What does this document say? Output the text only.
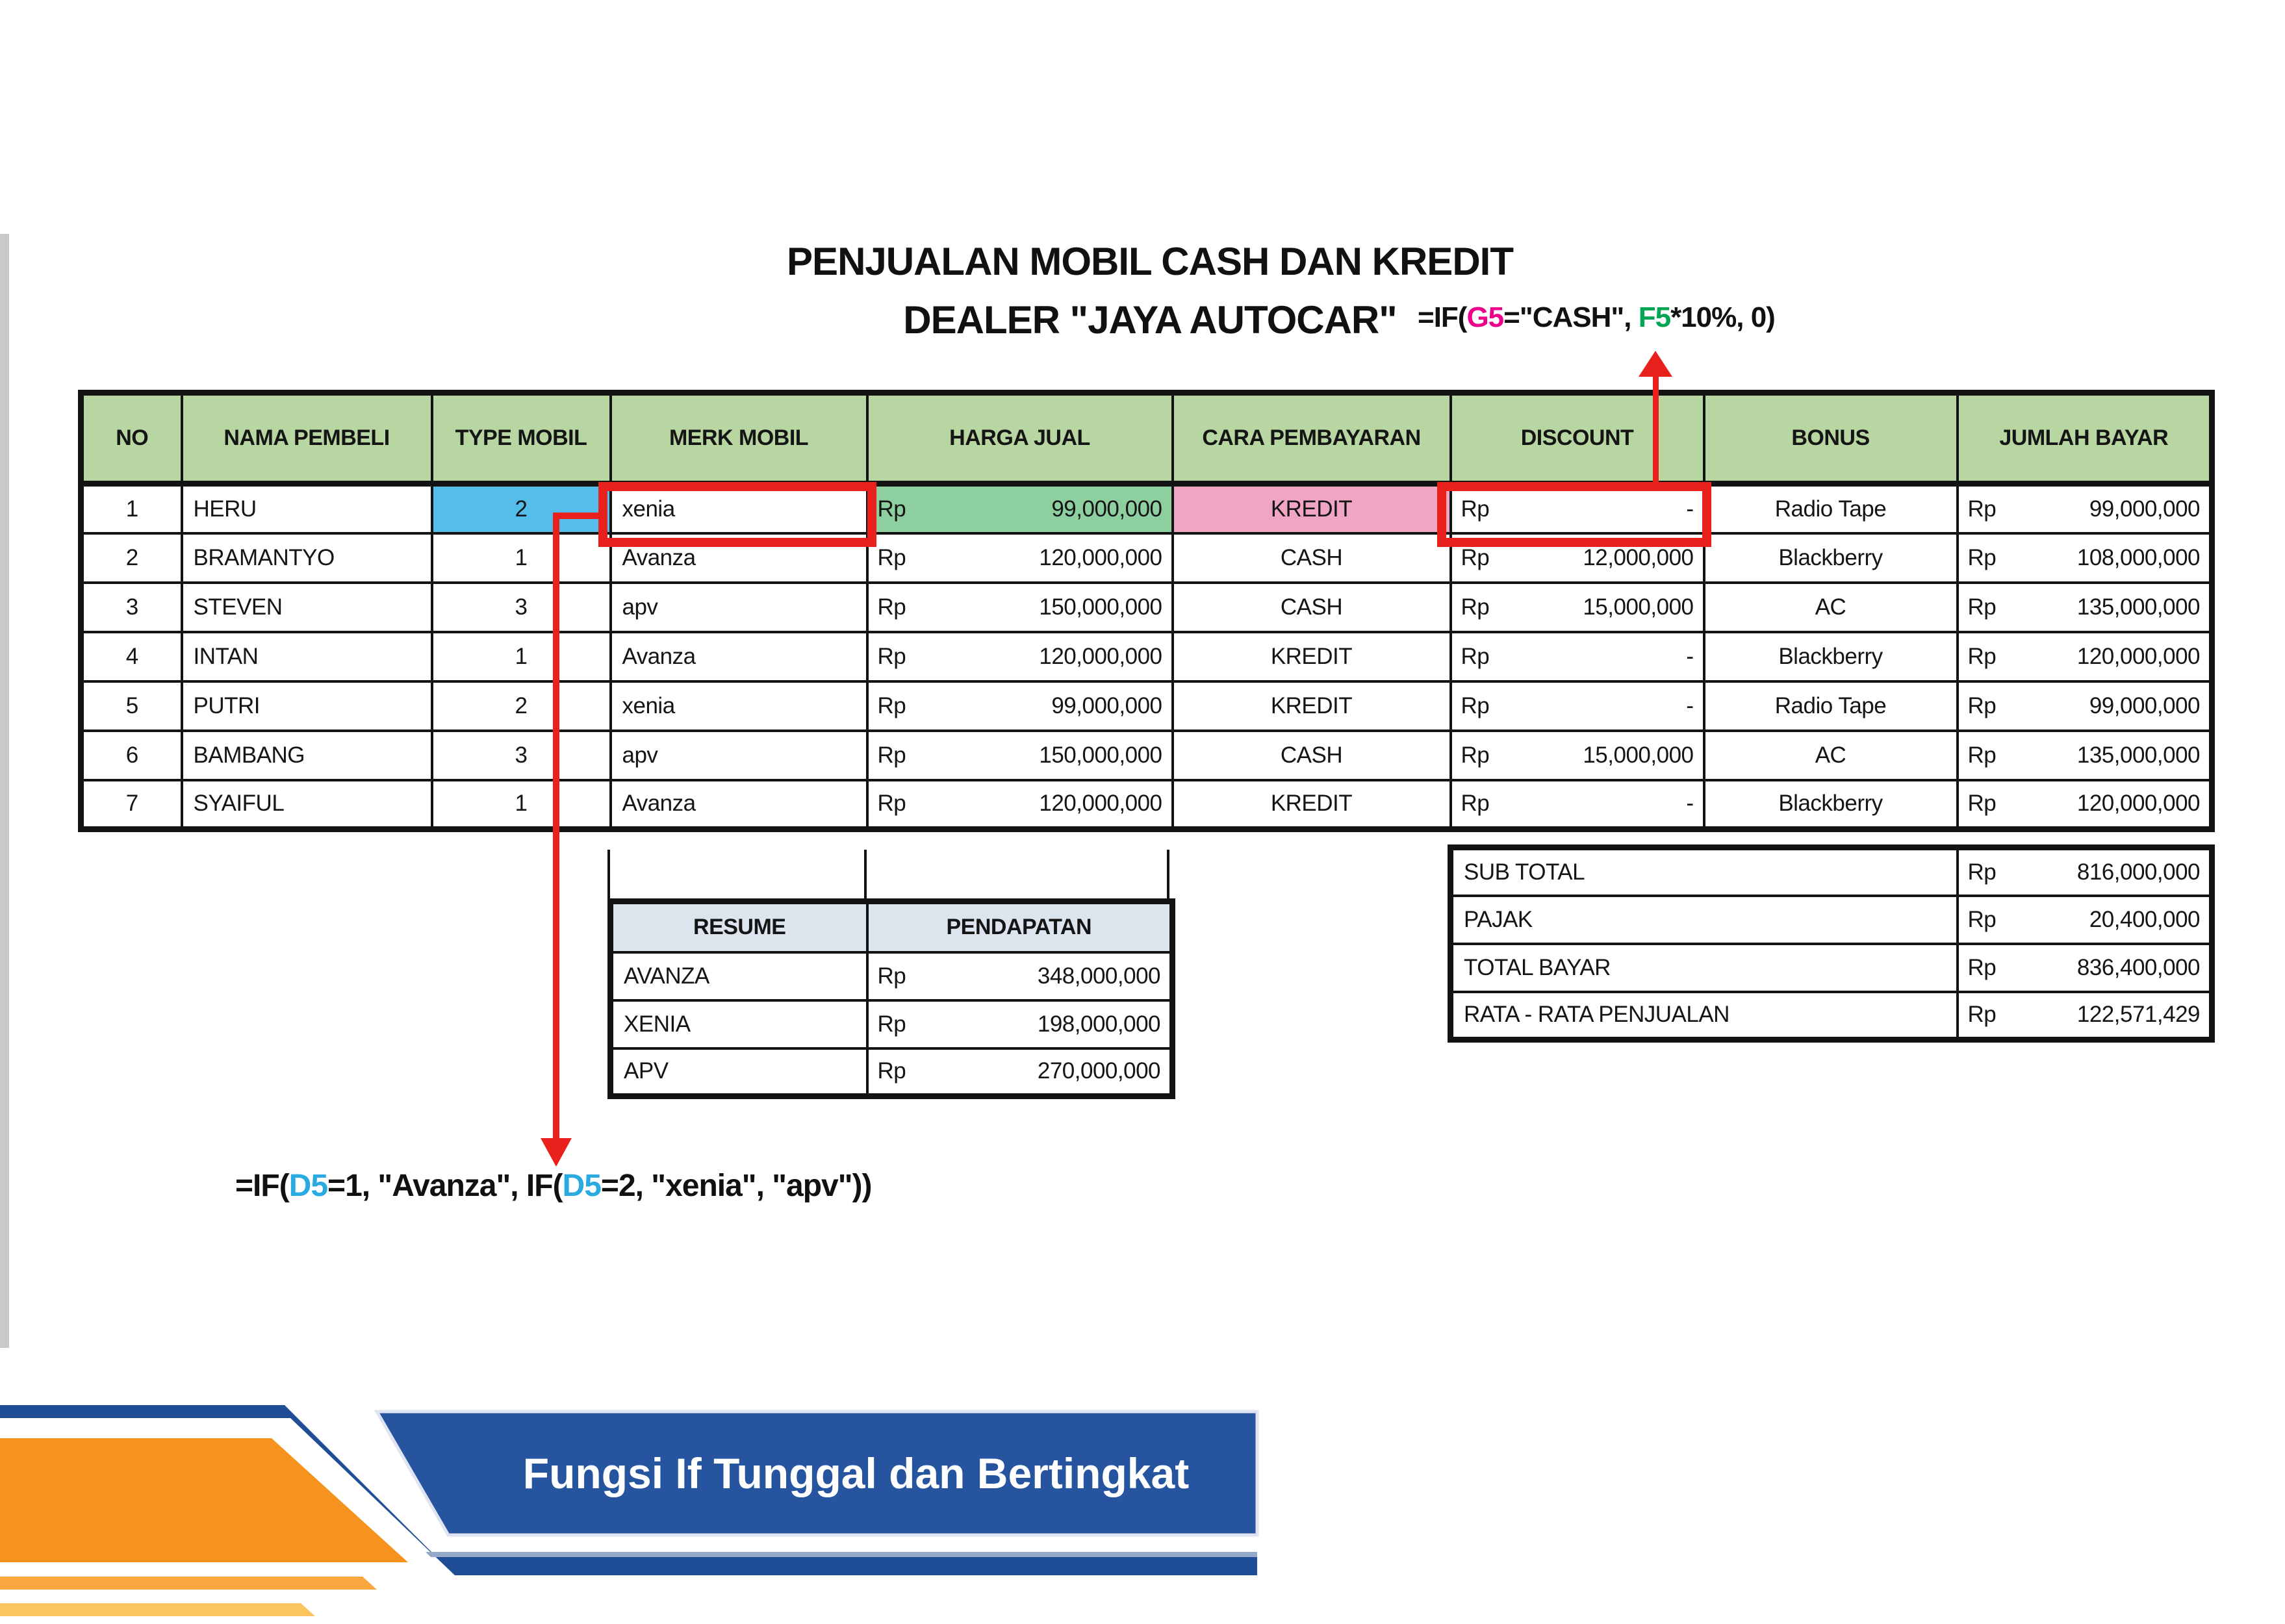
PENJUALAN MOBIL CASH DAN KREDIT
DEALER "JAYA AUTOCAR" =IF(G5="CASH", F5*10%, 0)
NO	NAMA PEMBELI	TYPE MOBIL	MERK MOBIL	HARGA JUAL	CARA PEMBAYARAN	DISCOUNT	BONUS	JUMLAH BAYAR
1	HERU	2	xenia	Rp 99,000,000	KREDIT	Rp -	Radio Tape	Rp 99,000,000

2	BRAMANTYO	1	Avanza	Rp 120,000,000	CASH	Rp 12,000,000	Blackberry	Rp 108,000,000

3	STEVEN	3	apv	Rp 150,000,000	CASH	Rp 15,000,000	AC	Rp 135,000,000

4	INTAN	1	Avanza	Rp 120,000,000	KREDIT	Rp -	Blackberry	Rp 120,000,000

5	PUTRI	2	xenia	Rp 99,000,000	KREDIT	Rp -	Radio Tape	Rp 99,000,000

6	BAMBANG	3	apv	Rp 150,000,000	CASH	Rp 15,000,000	AC	Rp 135,000,000

7	SYAIFUL	1	Avanza	Rp 120,000,000	KREDIT	Rp -	Blackberry	Rp 120,000,000
RESUME	PENDAPATAN
AVANZA	Rp 348,000,000

XENIA	Rp 198,000,000

APV	Rp 270,000,000
SUB TOTAL	Rp 816,000,000

PAJAK	Rp 20,400,000

TOTAL BAYAR	Rp 836,400,000

RATA - RATA PENJUALAN	Rp 122,571,429
=IF(D5=1, "Avanza", IF(D5=2, "xenia", "apv"))
Fungsi If Tunggal dan Bertingkat
